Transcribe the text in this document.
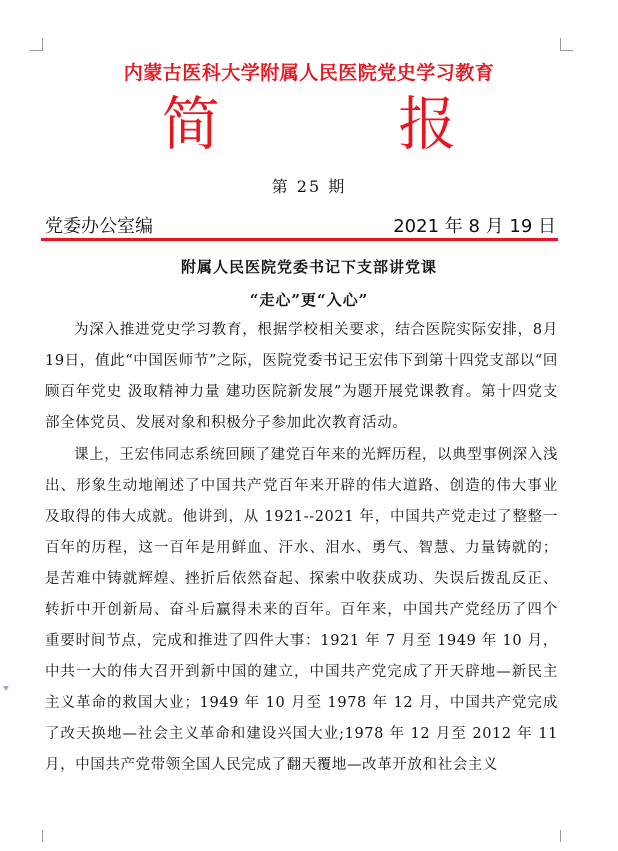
内蒙古医科大学附属人民医院党史学习教育
简 报
第 25 期
党委办公室编	2021 年 8 月 19 日
附属人民医院党委书记下支部讲党课
“走心”更“入心”

为深入推进党史学习教育，根据学校相关要求，结合医院实际安排，8月19日，值此“中国医师节”之际，医院党委书记王宏伟下到第十四党支部以“回顾百年党史 汲取精神力量 建功医院新发展”为题开展党课教育。第十四党支部全体党员、发展对象和积极分子参加此次教育活动。

课上，王宏伟同志系统回顾了建党百年来的光辉历程，以典型事例深入浅出、形象生动地阐述了中国共产党百年来开辟的伟大道路、创造的伟大事业及取得的伟大成就。他讲到，从 1921--2021 年，中国共产党走过了整整一百年的历程，这一百年是用鲜血、汗水、泪水、勇气、智慧、力量铸就的；是苦难中铸就辉煌、挫折后依然奋起、探索中收获成功、失误后拨乱反正、转折中开创新局、奋斗后赢得未来的百年。百年来，中国共产党经历了四个重要时间节点，完成和推进了四件大事：1921 年 7 月至 1949 年 10 月，中共一大的伟大召开到新中国的建立，中国共产党完成了开天辟地—新民主主义革命的救国大业；1949 年 10 月至 1978 年 12 月，中国共产党完成了改天换地—社会主义革命和建设兴国大业;1978 年 12 月至 2012 年 11 月，中国共产党带领全国人民完成了翻天覆地—改革开放和社会主义
